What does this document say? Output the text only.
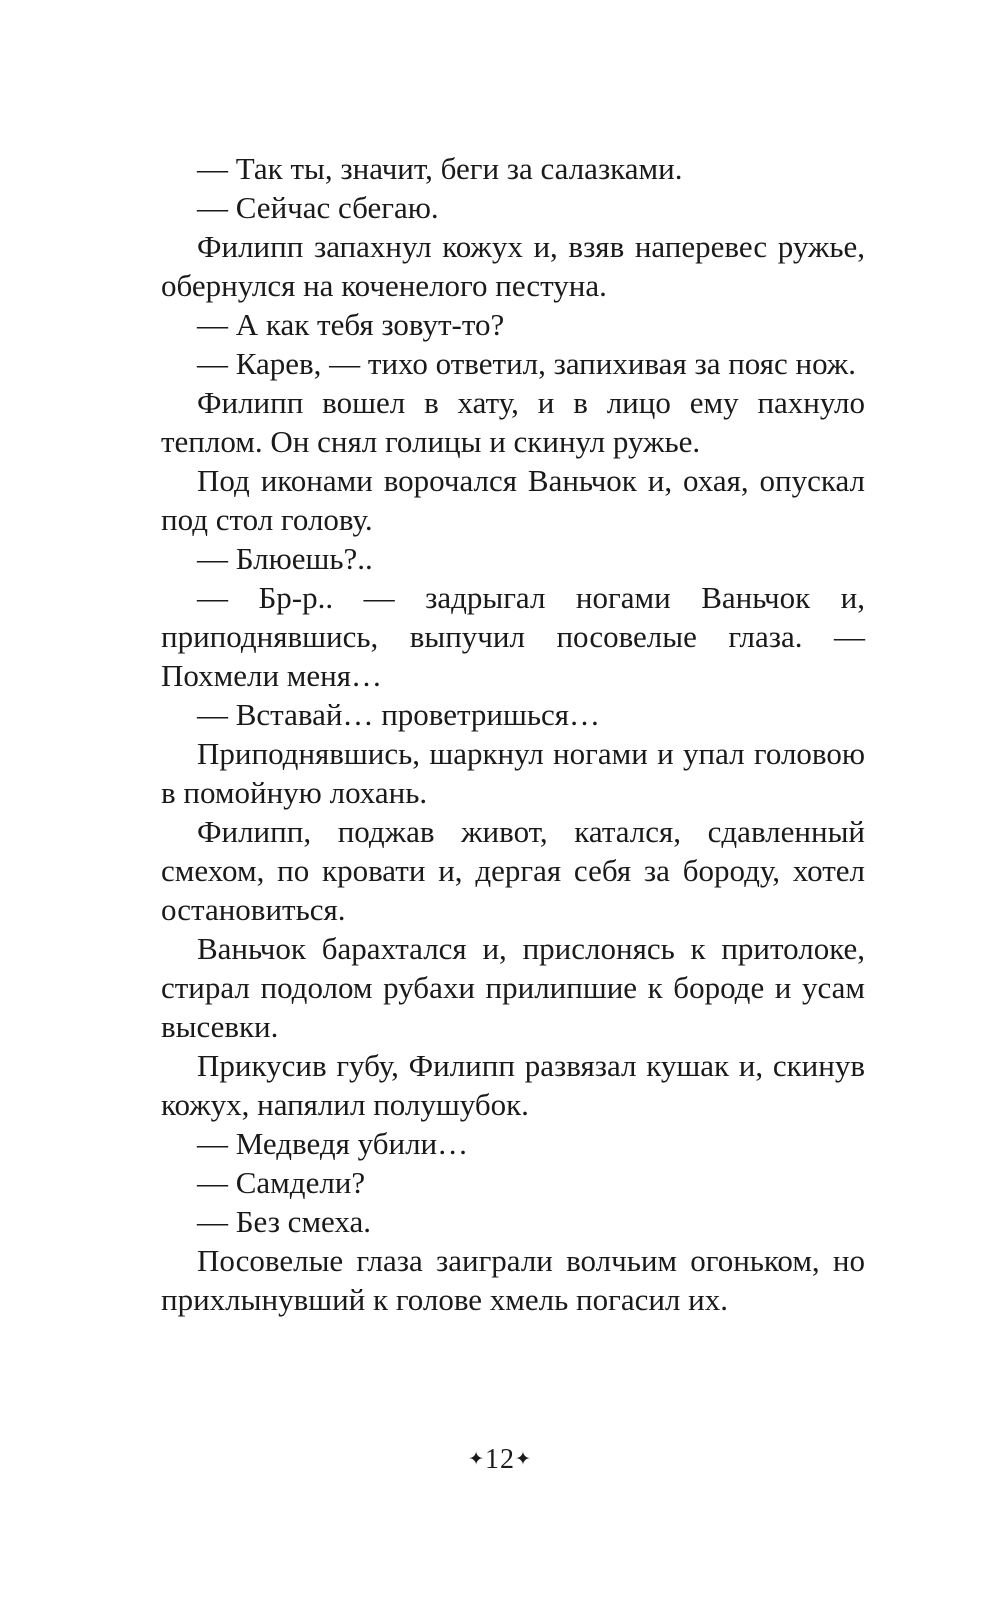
— Так ты, значит, беги за салазками.

— Сейчас сбегаю.

Филипп запахнул кожух и, взяв наперевес ружье, обернулся на коченелого пестуна.

— А как тебя зовут-то?

— Карев, — тихо ответил, запихивая за пояс нож.

Филипп вошел в хату, и в лицо ему пахнуло теплом. Он снял голицы и скинул ружье.

Под иконами ворочался Ваньчок и, охая, опускал под стол голову.

— Блюешь?..

— Бр-р.. — задрыгал ногами Ваньчок и, приподнявшись, выпучил посовелые глаза. — Похмели меня…

— Вставай… проветришься…

Приподнявшись, шаркнул ногами и упал головою в помойную лохань.

Филипп, поджав живот, катался, сдавленный смехом, по кровати и, дергая себя за бороду, хотел остановиться.

Ваньчок барахтался и, прислонясь к притолоке, стирал подолом рубахи прилипшие к бороде и усам высевки.

Прикусив губу, Филипп развязал кушак и, скинув кожух, напялил полушубок.

— Медведя убили…

— Самдели?

— Без смеха.

Посовелые глаза заиграли волчьим огоньком, но прихлынувший к голове хмель погасил их.

✦12✦
